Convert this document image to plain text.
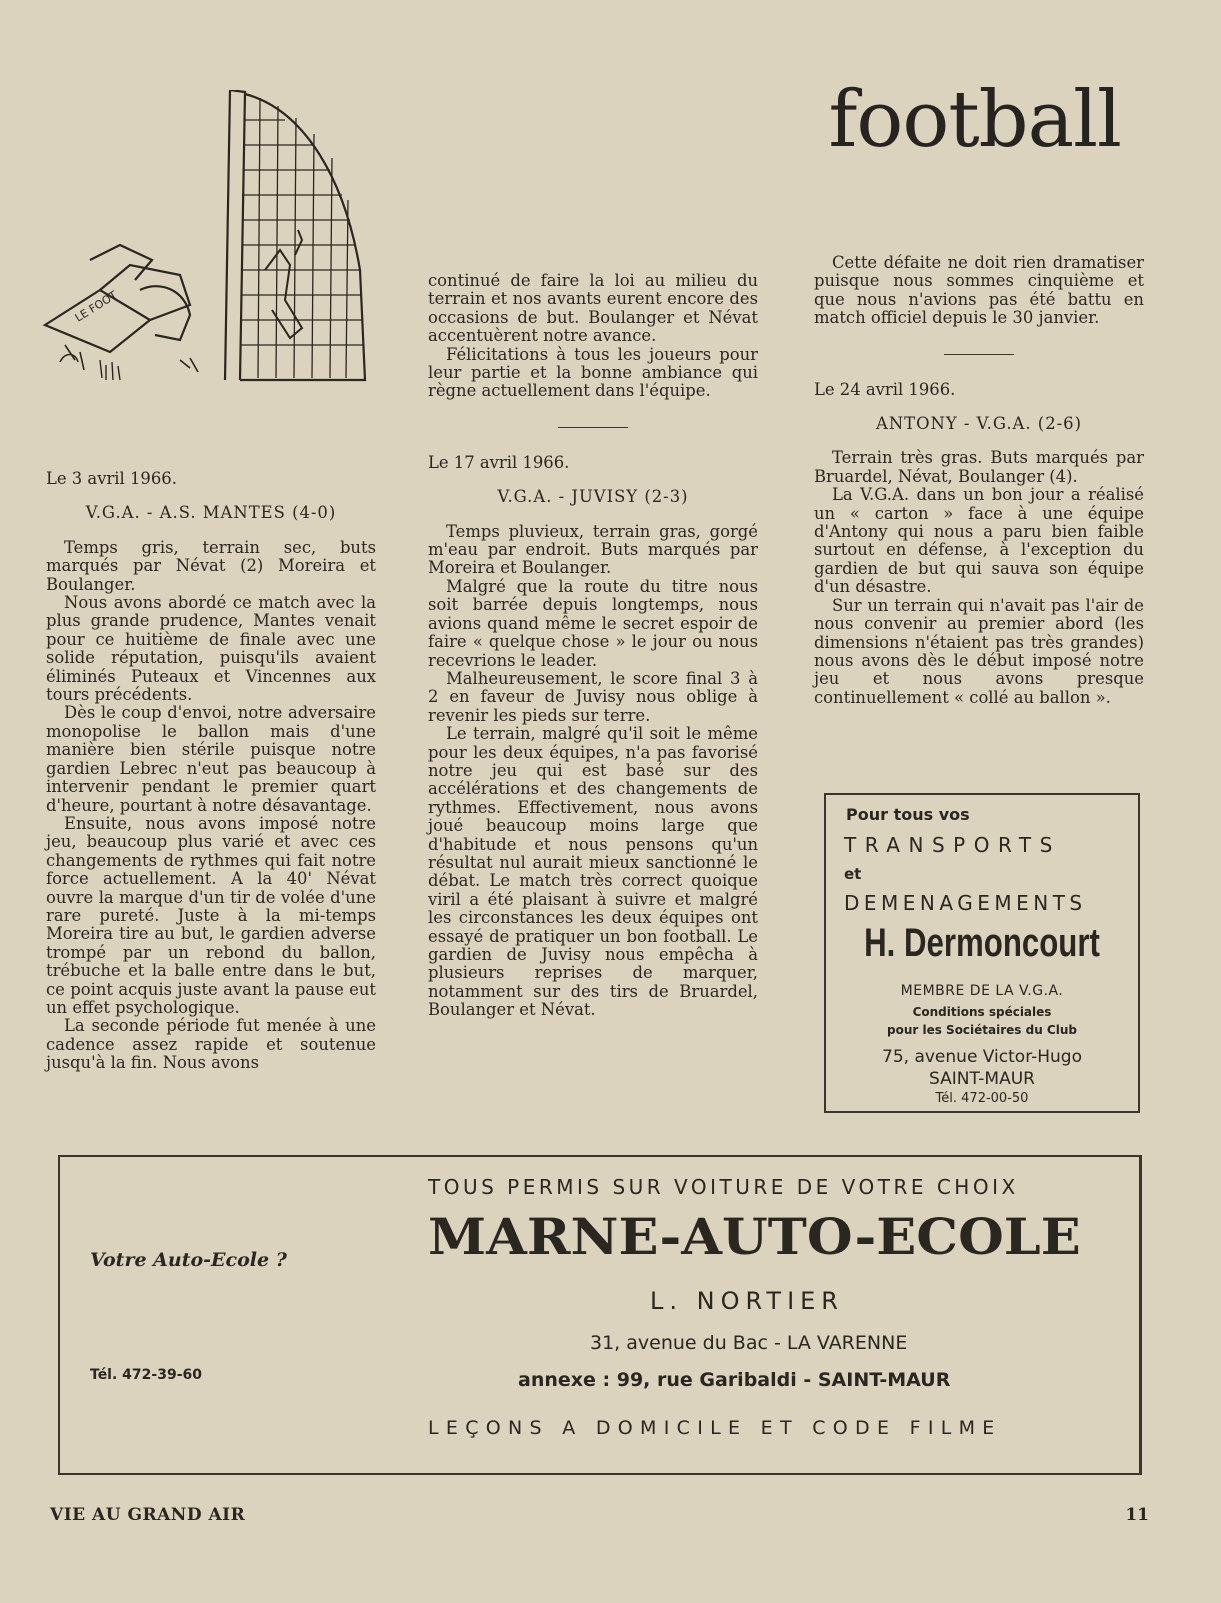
football
LE FOOT

Le 3 avril 1966.

V.G.A. - A.S. MANTES (4-0)

Temps gris, terrain sec, buts marqués par Névat (2) Moreira et Boulanger.

Nous avons abordé ce match avec la plus grande prudence, Mantes venait pour ce huitième de finale avec une solide réputation, puisqu'ils avaient éliminés Puteaux et Vincennes aux tours précédents.

Dès le coup d'envoi, notre adversaire monopolise le ballon mais d'une manière bien stérile puisque notre gardien Lebrec n'eut pas beaucoup à intervenir pendant le premier quart d'heure, pourtant à notre désavantage.

Ensuite, nous avons imposé notre jeu, beaucoup plus varié et avec ces changements de rythmes qui fait notre force actuellement. A la 40' Névat ouvre la marque d'un tir de volée d'une rare pureté. Juste à la mi-temps Moreira tire au but, le gardien adverse trompé par un rebond du ballon, trébuche et la balle entre dans le but, ce point acquis juste avant la pause eut un effet psychologique.

La seconde période fut menée à une cadence assez rapide et soutenue jusqu'à la fin. Nous avons

continué de faire la loi au milieu du terrain et nos avants eurent encore des occasions de but. Boulanger et Névat accentuèrent notre avance.

Félicitations à tous les joueurs pour leur partie et la bonne ambiance qui règne actuellement dans l'équipe.

Le 17 avril 1966.

V.G.A. - JUVISY (2-3)

Temps pluvieux, terrain gras, gorgé m'eau par endroit. Buts marqués par Moreira et Boulanger.

Malgré que la route du titre nous soit barrée depuis longtemps, nous avions quand même le secret espoir de faire « quelque chose » le jour ou nous recevrions le leader.

Malheureusement, le score final 3 à 2 en faveur de Juvisy nous oblige à revenir les pieds sur terre.

Le terrain, malgré qu'il soit le même pour les deux équipes, n'a pas favorisé notre jeu qui est basé sur des accélérations et des changements de rythmes. Effectivement, nous avons joué beaucoup moins large que d'habitude et nous pensons qu'un résultat nul aurait mieux sanctionné le débat. Le match très correct quoique viril a été plaisant à suivre et malgré les circonstances les deux équipes ont essayé de pratiquer un bon football. Le gardien de Juvisy nous empêcha à plusieurs reprises de marquer, notamment sur des tirs de Bruardel, Boulanger et Névat.

Cette défaite ne doit rien dramatiser puisque nous sommes cinquième et que nous n'avions pas été battu en match officiel depuis le 30 janvier.

Le 24 avril 1966.

ANTONY - V.G.A. (2-6)

Terrain très gras. Buts marqués par Bruardel, Névat, Boulanger (4).

La V.G.A. dans un bon jour a réalisé un « carton » face à une équipe d'Antony qui nous a paru bien faible surtout en défense, à l'exception du gardien de but qui sauva son équipe d'un désastre.

Sur un terrain qui n'avait pas l'air de nous convenir au premier abord (les dimensions n'étaient pas très grandes) nous avons dès le début imposé notre jeu et nous avons presque continuellement « collé au ballon ».

Pour tous vos
TRANSPORTS
et
DEMENAGEMENTS
H. Dermoncourt
MEMBRE DE LA V.G.A.
Conditions spéciales
pour les Sociétaires du Club
75, avenue Victor-Hugo
SAINT-MAUR
Tél. 472-00-50
Votre Auto-Ecole ?
Tél. 472-39-60
TOUS PERMIS SUR VOITURE DE VOTRE CHOIX
MARNE-AUTO-ECOLE
L. NORTIER
31, avenue du Bac - LA VARENNE
annexe : 99, rue Garibaldi - SAINT-MAUR
LEÇONS A DOMICILE ET CODE FILME
VIE AU GRAND AIR	11
